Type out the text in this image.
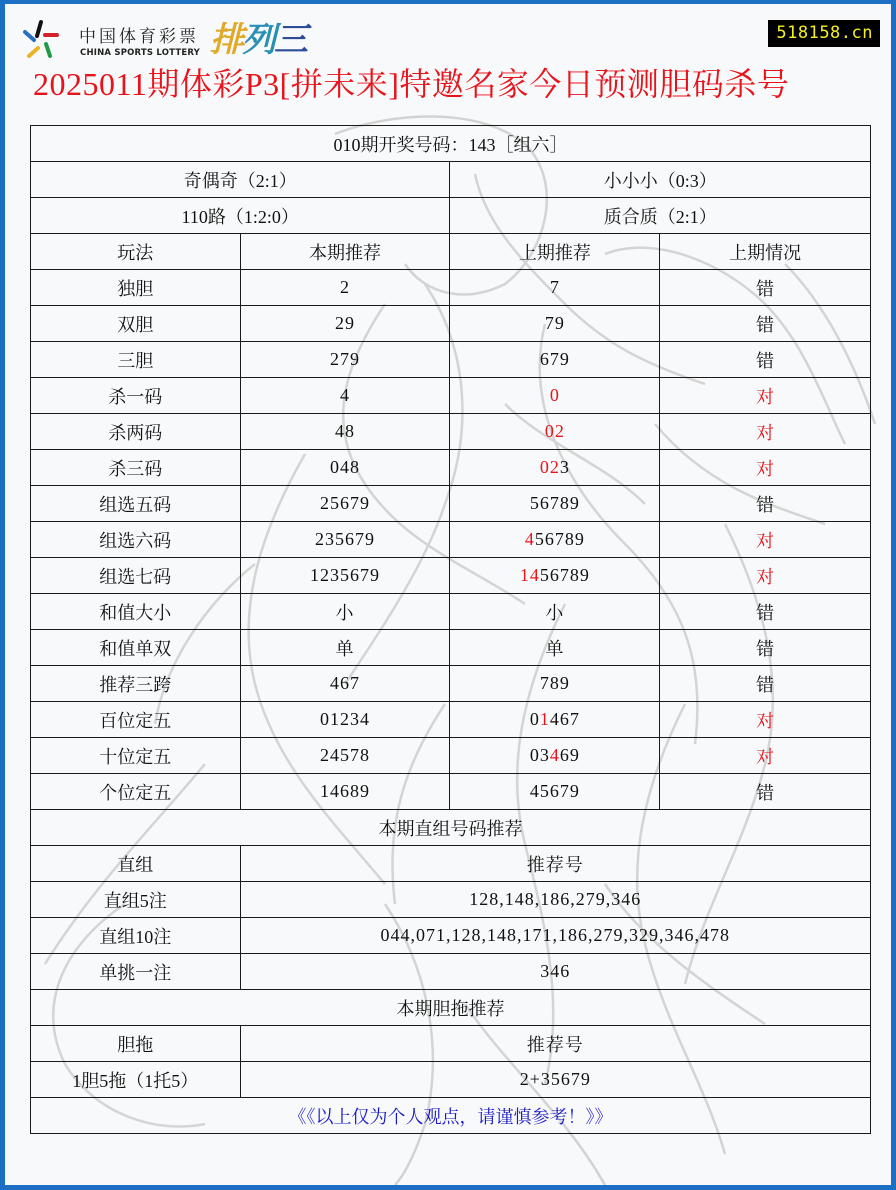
中国体育彩票
CHINA SPORTS LOTTERY 排列三	518158.cn
2025011期体彩P3[拼未来]特邀名家今日预测胆码杀号
010期开奖号码：143［组六］			
奇偶奇（2:1）		小小小（0:3）	
110路（1:2:0）		质合质（2:1）	
玩法	本期推荐	上期推荐	上期情况
独胆	2	7	错
双胆	29	79	错
三胆	279	679	错
杀一码	4	0	对
杀两码	48	02	对
杀三码	048	023	对
组选五码	25679	56789	错
组选六码	235679	456789	对
组选七码	1235679	1456789	对
和值大小	小	小	错
和值单双	单	单	错
推荐三跨	467	789	错
百位定五	01234	01467	对
十位定五	24578	03469	对
个位定五	14689	45679	错
本期直组号码推荐			
直组	推荐号		
直组5注	128,148,186,279,346		
直组10注	044,071,128,148,171,186,279,329,346,478		
单挑一注	346		
本期胆拖推荐			
胆拖	推荐号		
1胆5拖（1托5）	2+35679		
《《以上仅为个人观点，请谨慎参考！》》			
